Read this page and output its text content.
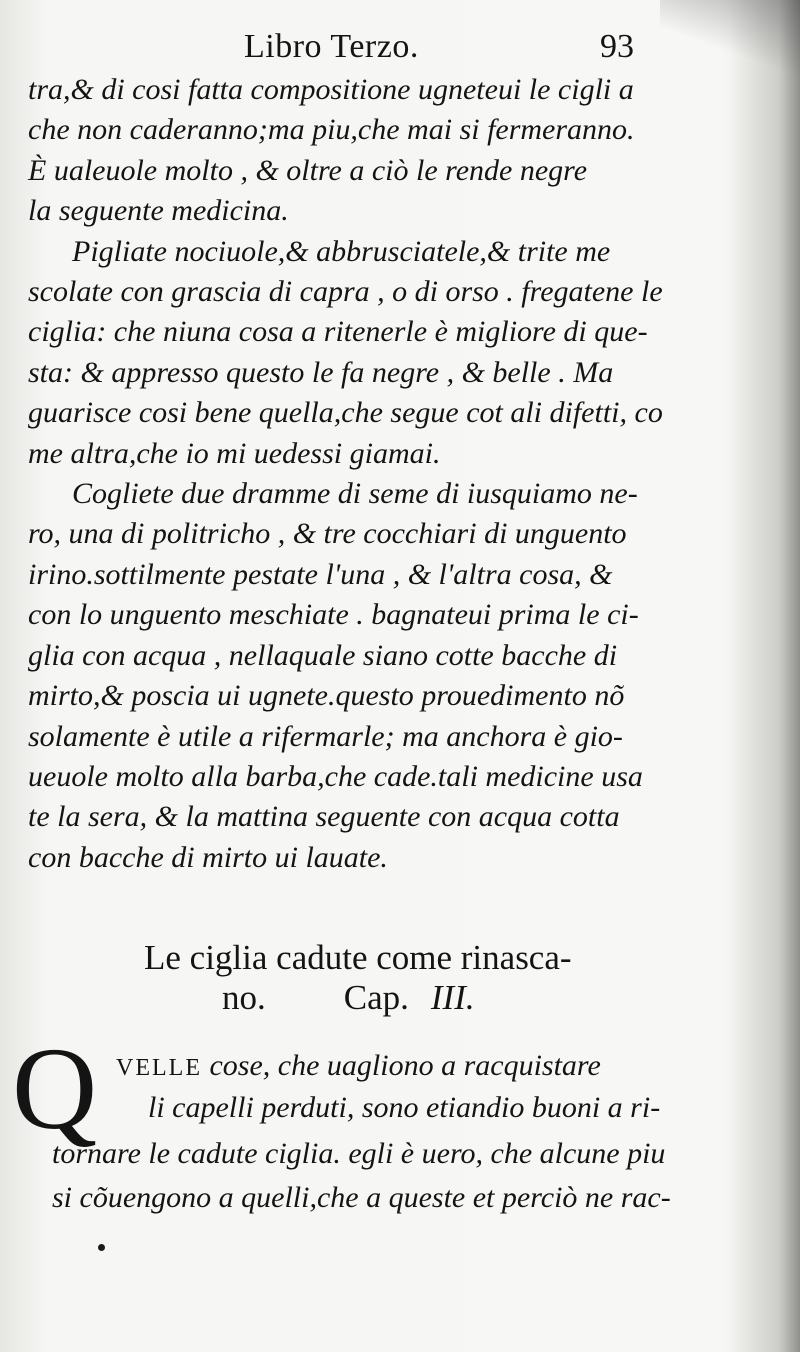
Libro Terzo.	93
tra,& di cosi fatta compositione ugneteui le cigli a
che non caderanno;ma piu,che mai si fermeranno.
È ualeuole molto , & oltre a ciò le rende negre
la seguente medicina.
Pigliate nociuole,& abbrusciatele,& trite me
scolate con grascia di capra , o di orso . fregatene le
ciglia: che niuna cosa a ritenerle è migliore di que-
sta: & appresso questo le fa negre , & belle . Ma
guarisce cosi bene quella,che segue cot ali difetti, co
me altra,che io mi uedessi giamai.
Cogliete due dramme di seme di iusquiamo ne-
ro, una di politricho , & tre cocchiari di unguento
irino.sottilmente pestate l'una , & l'altra cosa, &
con lo unguento meschiate . bagnateui prima le ci-
glia con acqua , nellaquale siano cotte bacche di
mirto,& poscia ui ugnete.questo prouedimento nõ
solamente è utile a rifermarle; ma anchora è gio-
ueuole molto alla barba,che cade.tali medicine usa
te la sera, & la mattina seguente con acqua cotta
con bacche di mirto ui lauate.
Le ciglia cadute come rinasca-
no. Cap. III.
Q VELLE cose, che uagliono a racquistare
li capelli perduti, sono etiandio buoni a ri-
tornare le cadute ciglia. egli è uero, che alcune piu
si cõuengono a quelli,che a queste et perciò ne rac-
